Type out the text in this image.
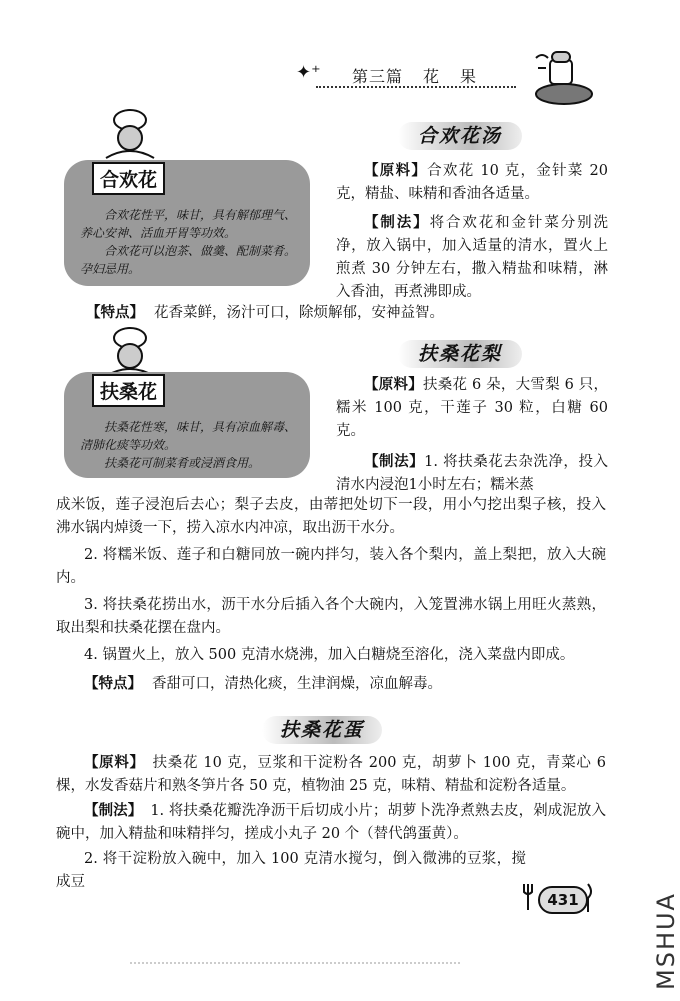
✦⁺ 第三篇 花 果
合欢花汤
合欢花

合欢花性平，味甘，具有解郁理气、养心安神、活血开胃等功效。

合欢花可以泡茶、做羹、配制菜肴。孕妇忌用。

【原料】合欢花 10 克，金针菜 20 克，精盐、味精和香油各适量。

【制法】将合欢花和金针菜分别洗净，放入锅中，加入适量的清水，置火上煎煮 30 分钟左右，撒入精盐和味精，淋入香油，再煮沸即成。

【特点】 花香菜鲜，汤汁可口，除烦解郁，安神益智。

扶桑花梨
扶桑花

扶桑花性寒，味甘，具有凉血解毒、清肺化痰等功效。

扶桑花可制菜肴或浸酒食用。

【原料】扶桑花 6 朵，大雪梨 6 只，糯米 100 克，干莲子 30 粒，白糖 60 克。

【制法】1. 将扶桑花去杂洗净，投入清水内浸泡1小时左右；糯米蒸

成米饭，莲子浸泡后去心；梨子去皮，由蒂把处切下一段，用小勺挖出梨子核，投入沸水锅内焯烫一下，捞入凉水内冲凉，取出沥干水分。

2. 将糯米饭、莲子和白糖同放一碗内拌匀，装入各个梨内，盖上梨把，放入大碗内。

3. 将扶桑花捞出水，沥干水分后插入各个大碗内，入笼置沸水锅上用旺火蒸熟，取出梨和扶桑花摆在盘内。

4. 锅置火上，放入 500 克清水烧沸，加入白糖烧至溶化，浇入菜盘内即成。

【特点】 香甜可口，清热化痰，生津润燥，凉血解毒。

扶桑花蛋

【原料】 扶桑花 10 克，豆浆和干淀粉各 200 克，胡萝卜 100 克，青菜心 6 棵，水发香菇片和熟冬笋片各 50 克，植物油 25 克，味精、精盐和淀粉各适量。

【制法】 1. 将扶桑花瓣洗净沥干后切成小片；胡萝卜洗净煮熟去皮，剁成泥放入碗中，加入精盐和味精拌匀，搓成小丸子 20 个（替代鸽蛋黄）。

2. 将干淀粉放入碗中，加入 100 克清水搅匀，倒入微沸的豆浆，搅成豆

431	MSHUA
